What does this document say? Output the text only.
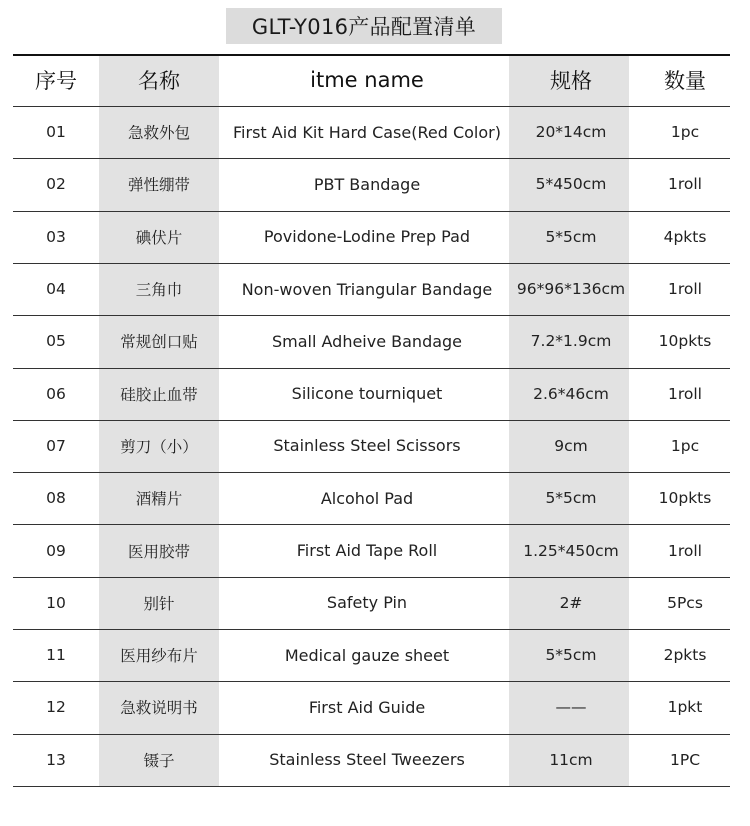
GLT-Y016产品配置清单
序号	名称	itme name	规格	数量
01	急救外包	First Aid Kit Hard Case(Red Color)	20*14cm	1pc
02	弹性绷带	PBT Bandage	5*450cm	1roll
03	碘伏片	Povidone-Lodine Prep Pad	5*5cm	4pkts
04	三角巾	Non-woven Triangular Bandage	96*96*136cm	1roll
05	常规创口贴	Small Adheive Bandage	7.2*1.9cm	10pkts
06	硅胶止血带	Silicone tourniquet	2.6*46cm	1roll
07	剪刀（小）	Stainless Steel Scissors	9cm	1pc
08	酒精片	Alcohol Pad	5*5cm	10pkts
09	医用胶带	First Aid Tape Roll	1.25*450cm	1roll
10	别针	Safety Pin	2#	5Pcs
11	医用纱布片	Medical gauze sheet	5*5cm	2pkts
12	急救说明书	First Aid Guide	——	1pkt
13	镊子	Stainless Steel Tweezers	11cm	1PC
